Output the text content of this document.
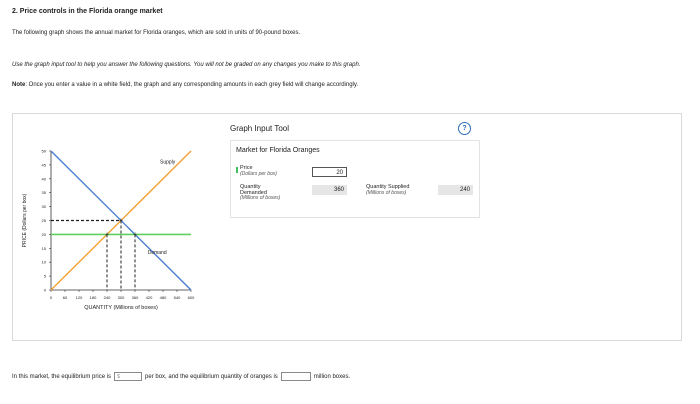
2. Price controls in the Florida orange market
The following graph shows the annual market for Florida oranges, which are sold in units of 90-pound boxes.
Use the graph input tool to help you answer the following questions. You will not be graded on any changes you make to this graph.
Note: Once you enter a value in a white field, the graph and any corresponding amounts in each grey field will change accordingly.
0
5
10
15
20
25
30
35
40
45
50
0	60 120 180 240 300 360 420 480 540 600
QUANTITY (Millions of boxes)
PRICE (Dollars per box)	+
+	+
Supply
Demand
Graph Input Tool	?
Market for Florida Oranges
Price
(Dollars per box)	20
Quantity
Demanded
(Millions of boxes)
360	Quantity Supplied
(Millions of boxes)	240
In this market, the equilibrium price is	$	per box, and the equilibrium quantity of oranges is	million boxes.
